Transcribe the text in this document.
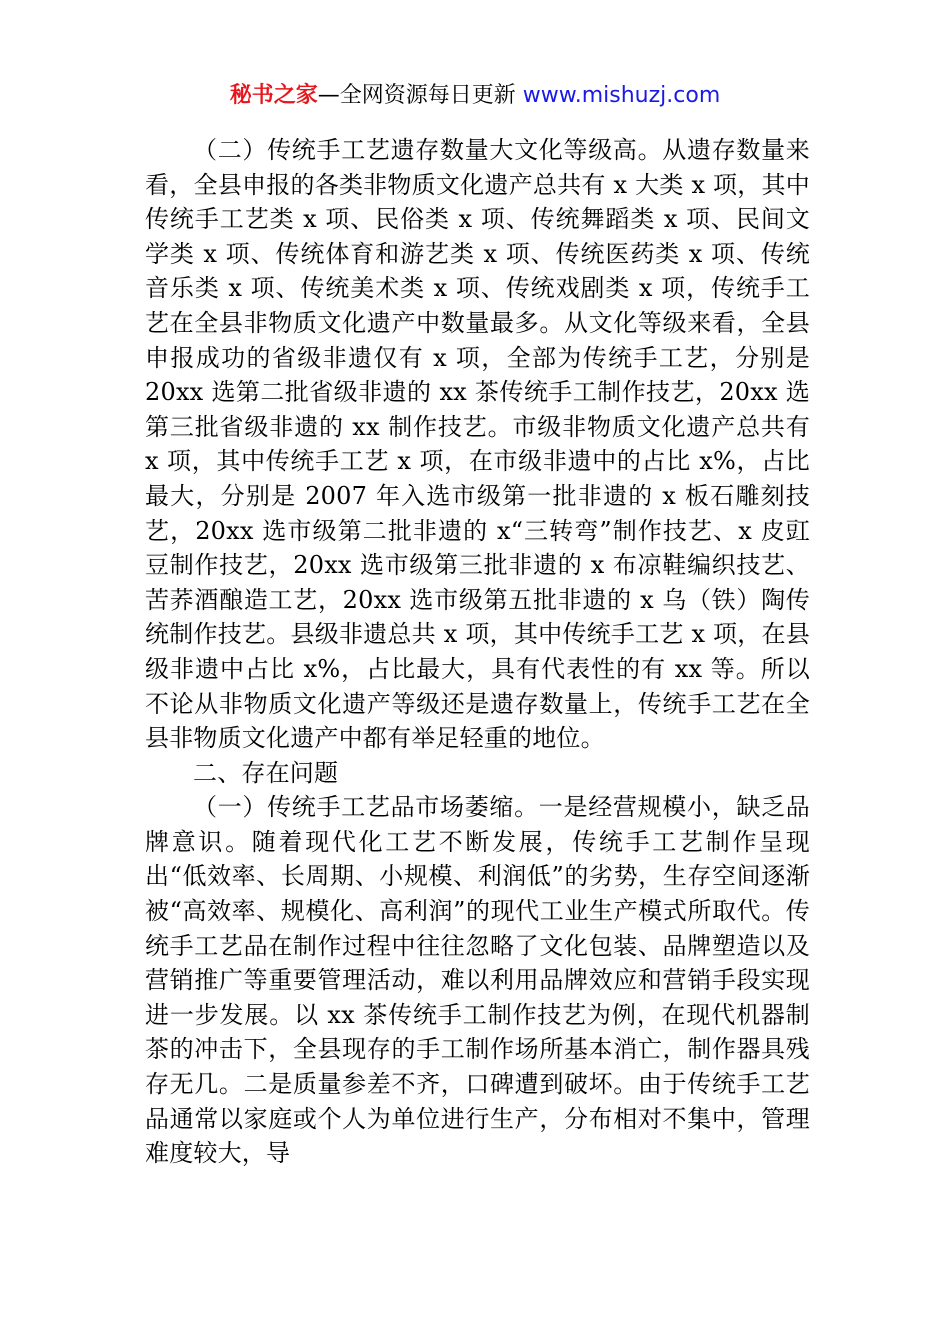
秘书之家—全网资源每日更新 www.mishuzj.com

（二）传统手工艺遗存数量大文化等级高。从遗存数量来看，全县申报的各类非物质文化遗产总共有 x 大类 x 项，其中传统手工艺类 x 项、民俗类 x 项、传统舞蹈类 x 项、民间文学类 x 项、传统体育和游艺类 x 项、传统医药类 x 项、传统音乐类 x 项、传统美术类 x 项、传统戏剧类 x 项，传统手工艺在全县非物质文化遗产中数量最多。从文化等级来看，全县申报成功的省级非遗仅有 x 项，全部为传统手工艺，分别是 20xx 选第二批省级非遗的 xx 茶传统手工制作技艺，20xx 选第三批省级非遗的 xx 制作技艺。市级非物质文化遗产总共有 x 项，其中传统手工艺 x 项，在市级非遗中的占比 x%，占比最大，分别是 2007 年入选市级第一批非遗的 x 板石雕刻技艺，20xx 选市级第二批非遗的 x“三转弯”制作技艺、x 皮豇豆制作技艺，20xx 选市级第三批非遗的 x 布凉鞋编织技艺、苦荞酒酿造工艺，20xx 选市级第五批非遗的 x 乌（铁）陶传统制作技艺。县级非遗总共 x 项，其中传统手工艺 x 项，在县级非遗中占比 x%，占比最大，具有代表性的有 xx 等。所以不论从非物质文化遗产等级还是遗存数量上，传统手工艺在全县非物质文化遗产中都有举足轻重的地位。

二、存在问题

（一）传统手工艺品市场萎缩。一是经营规模小，缺乏品牌意识。随着现代化工艺不断发展，传统手工艺制作呈现出“低效率、长周期、小规模、利润低”的劣势，生存空间逐渐被“高效率、规模化、高利润”的现代工业生产模式所取代。传统手工艺品在制作过程中往往忽略了文化包装、品牌塑造以及营销推广等重要管理活动，难以利用品牌效应和营销手段实现进一步发展。以 xx 茶传统手工制作技艺为例，在现代机器制茶的冲击下，全县现存的手工制作场所基本消亡，制作器具残存无几。二是质量参差不齐，口碑遭到破坏。由于传统手工艺品通常以家庭或个人为单位进行生产，分布相对不集中，管理难度较大，导
